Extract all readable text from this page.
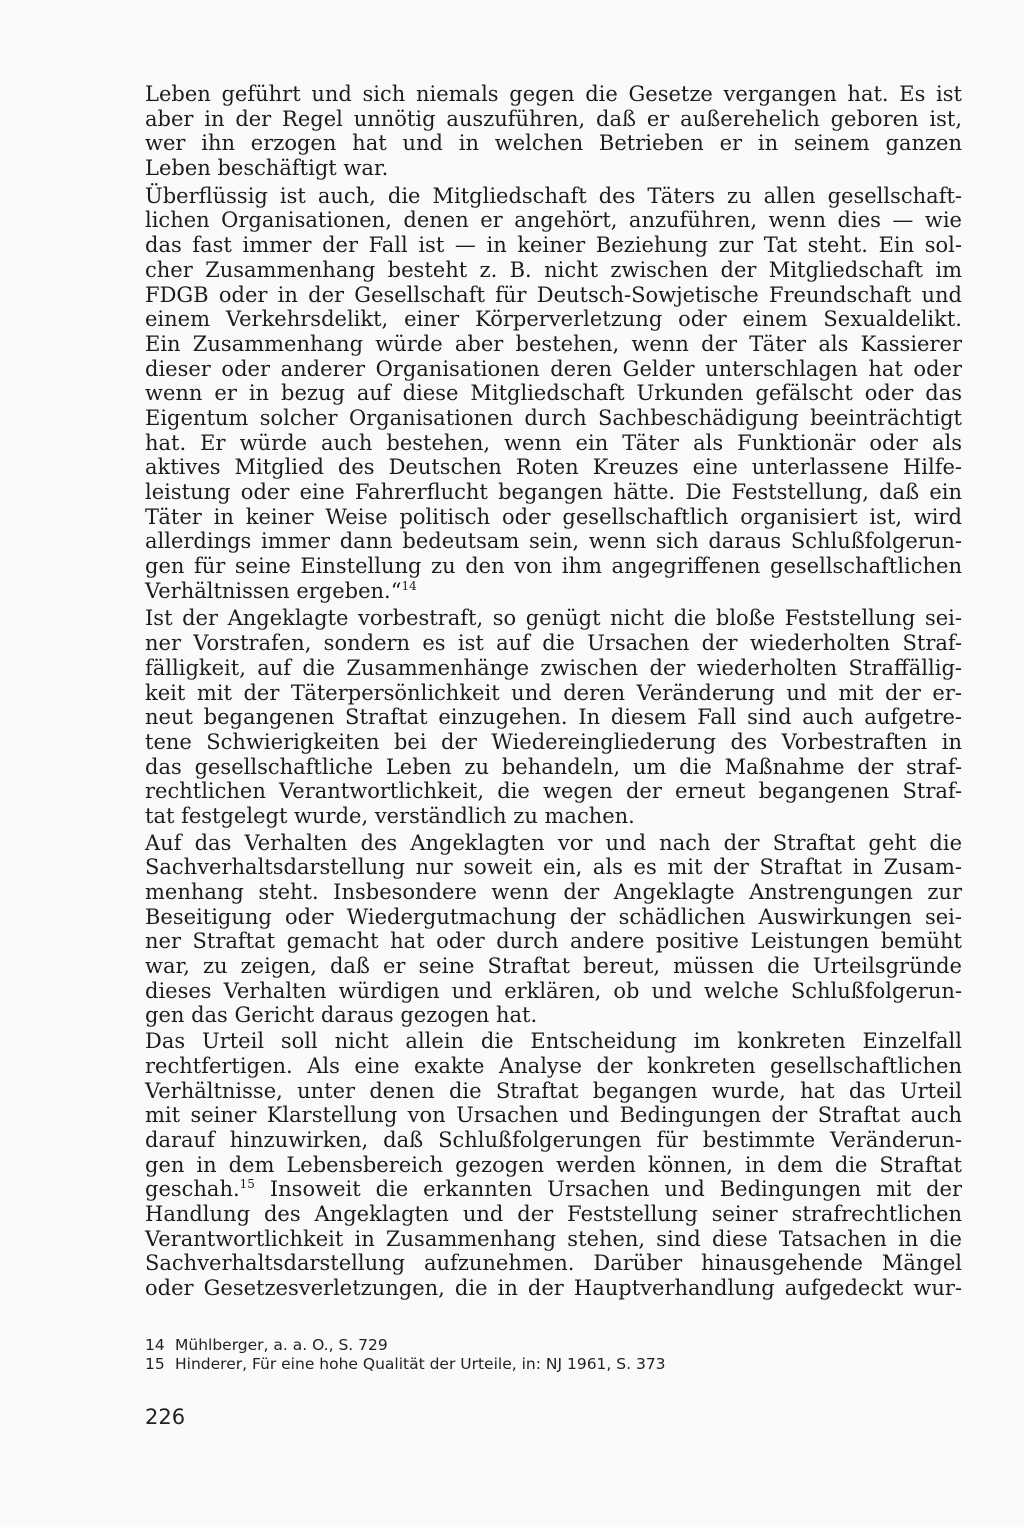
Leben geführt und sich niemals gegen die Gesetze vergangen hat. Es ist
aber in der Regel unnötig auszuführen, daß er außerehelich geboren ist,
wer ihn erzogen hat und in welchen Betrieben er in seinem ganzen
Leben beschäftigt war.
Überflüssig ist auch, die Mitgliedschaft des Täters zu allen gesellschaft-
lichen Organisationen, denen er angehört, anzuführen, wenn dies — wie
das fast immer der Fall ist — in keiner Beziehung zur Tat steht. Ein sol-
cher Zusammenhang besteht z. B. nicht zwischen der Mitgliedschaft im
FDGB oder in der Gesellschaft für Deutsch-Sowjetische Freundschaft und
einem Verkehrsdelikt, einer Körperverletzung oder einem Sexualdelikt.
Ein Zusammenhang würde aber bestehen, wenn der Täter als Kassierer
dieser oder anderer Organisationen deren Gelder unterschlagen hat oder
wenn er in bezug auf diese Mitgliedschaft Urkunden gefälscht oder das
Eigentum solcher Organisationen durch Sachbeschädigung beeinträchtigt
hat. Er würde auch bestehen, wenn ein Täter als Funktionär oder als
aktives Mitglied des Deutschen Roten Kreuzes eine unterlassene Hilfe-
leistung oder eine Fahrerflucht begangen hätte. Die Feststellung, daß ein
Täter in keiner Weise politisch oder gesellschaftlich organisiert ist, wird
allerdings immer dann bedeutsam sein, wenn sich daraus Schlußfolgerun-
gen für seine Einstellung zu den von ihm angegriffenen gesellschaftlichen
Verhältnissen ergeben.“$^{14}$
Ist der Angeklagte vorbestraft, so genügt nicht die bloße Feststellung sei-
ner Vorstrafen, sondern es ist auf die Ursachen der wiederholten Straf-
fälligkeit, auf die Zusammenhänge zwischen der wiederholten Straffällig-
keit mit der Täterpersönlichkeit und deren Veränderung und mit der er-
neut begangenen Straftat einzugehen. In diesem Fall sind auch aufgetre-
tene Schwierigkeiten bei der Wiedereingliederung des Vorbestraften in
das gesellschaftliche Leben zu behandeln, um die Maßnahme der straf-
rechtlichen Verantwortlichkeit, die wegen der erneut begangenen Straf-
tat festgelegt wurde, verständlich zu machen.
Auf das Verhalten des Angeklagten vor und nach der Straftat geht die
Sachverhaltsdarstellung nur soweit ein, als es mit der Straftat in Zusam-
menhang steht. Insbesondere wenn der Angeklagte Anstrengungen zur
Beseitigung oder Wiedergutmachung der schädlichen Auswirkungen sei-
ner Straftat gemacht hat oder durch andere positive Leistungen bemüht
war, zu zeigen, daß er seine Straftat bereut, müssen die Urteilsgründe
dieses Verhalten würdigen und erklären, ob und welche Schlußfolgerun-
gen das Gericht daraus gezogen hat.
Das Urteil soll nicht allein die Entscheidung im konkreten Einzelfall
rechtfertigen. Als eine exakte Analyse der konkreten gesellschaftlichen
Verhältnisse, unter denen die Straftat begangen wurde, hat das Urteil
mit seiner Klarstellung von Ursachen und Bedingungen der Straftat auch
darauf hinzuwirken, daß Schlußfolgerungen für bestimmte Veränderun-
gen in dem Lebensbereich gezogen werden können, in dem die Straftat
geschah.$^{15}$ Insoweit die erkannten Ursachen und Bedingungen mit der
Handlung des Angeklagten und der Feststellung seiner strafrechtlichen
Verantwortlichkeit in Zusammenhang stehen, sind diese Tatsachen in die
Sachverhaltsdarstellung aufzunehmen. Darüber hinausgehende Mängel
oder Gesetzesverletzungen, die in der Hauptverhandlung aufgedeckt wur-
14 Mühlberger, a. a. O., S. 729
15 Hinderer, Für eine hohe Qualität der Urteile, in: NJ 1961, S. 373
226
